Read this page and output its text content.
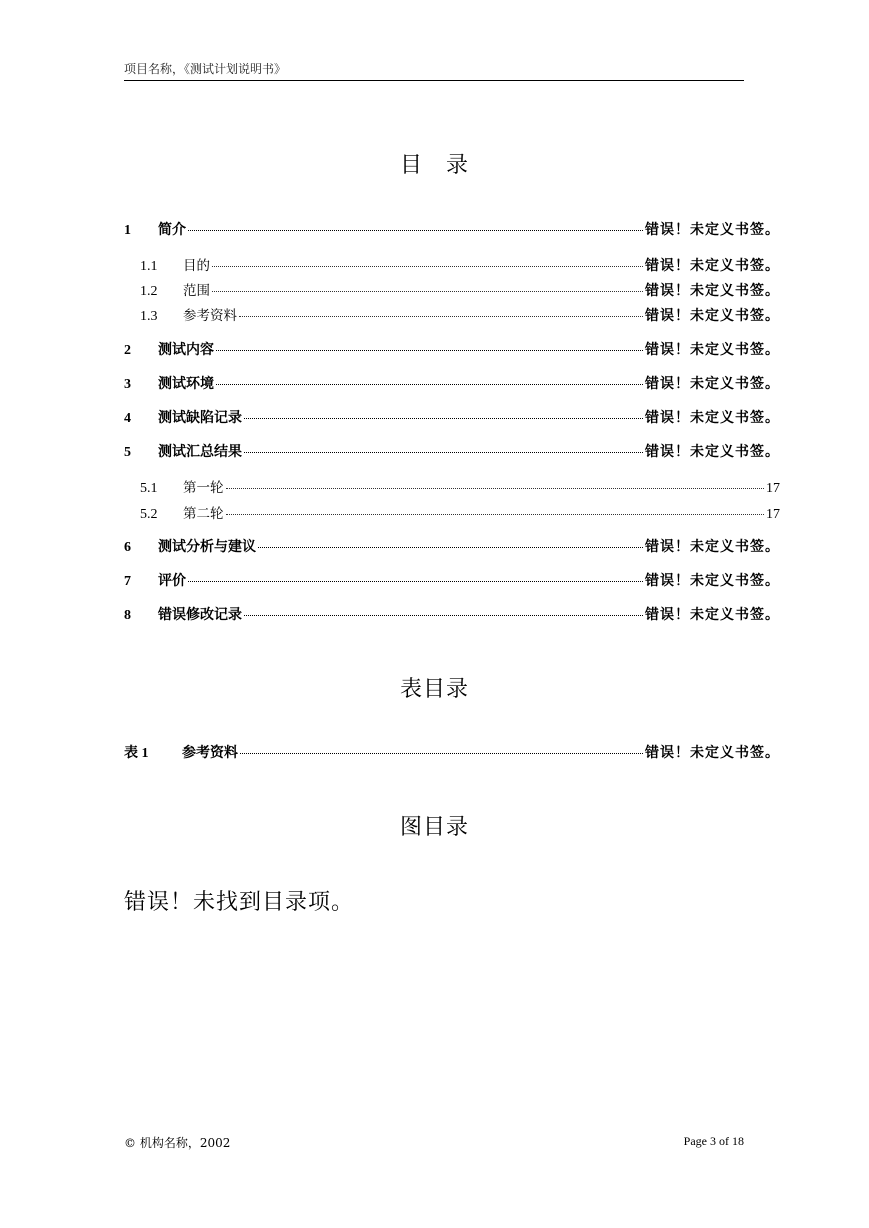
项目名称，《测试计划说明书》
目　录
1	简介	错误！未定义书签。
1.1	目的	错误！未定义书签。
1.2	范围	错误！未定义书签。
1.3	参考资料	错误！未定义书签。
2	测试内容	错误！未定义书签。
3	测试环境	错误！未定义书签。
4	测试缺陷记录	错误！未定义书签。
5	测试汇总结果	错误！未定义书签。
5.1	第一轮	17
5.2	第二轮	17
6	测试分析与建议	错误！未定义书签。
7	评价	错误！未定义书签。
8	错误修改记录	错误！未定义书签。
表目录
表 1	参考资料	错误！未定义书签。
图目录
错误！未找到目录项。
© 机构名称，2002	Page 3 of 18
